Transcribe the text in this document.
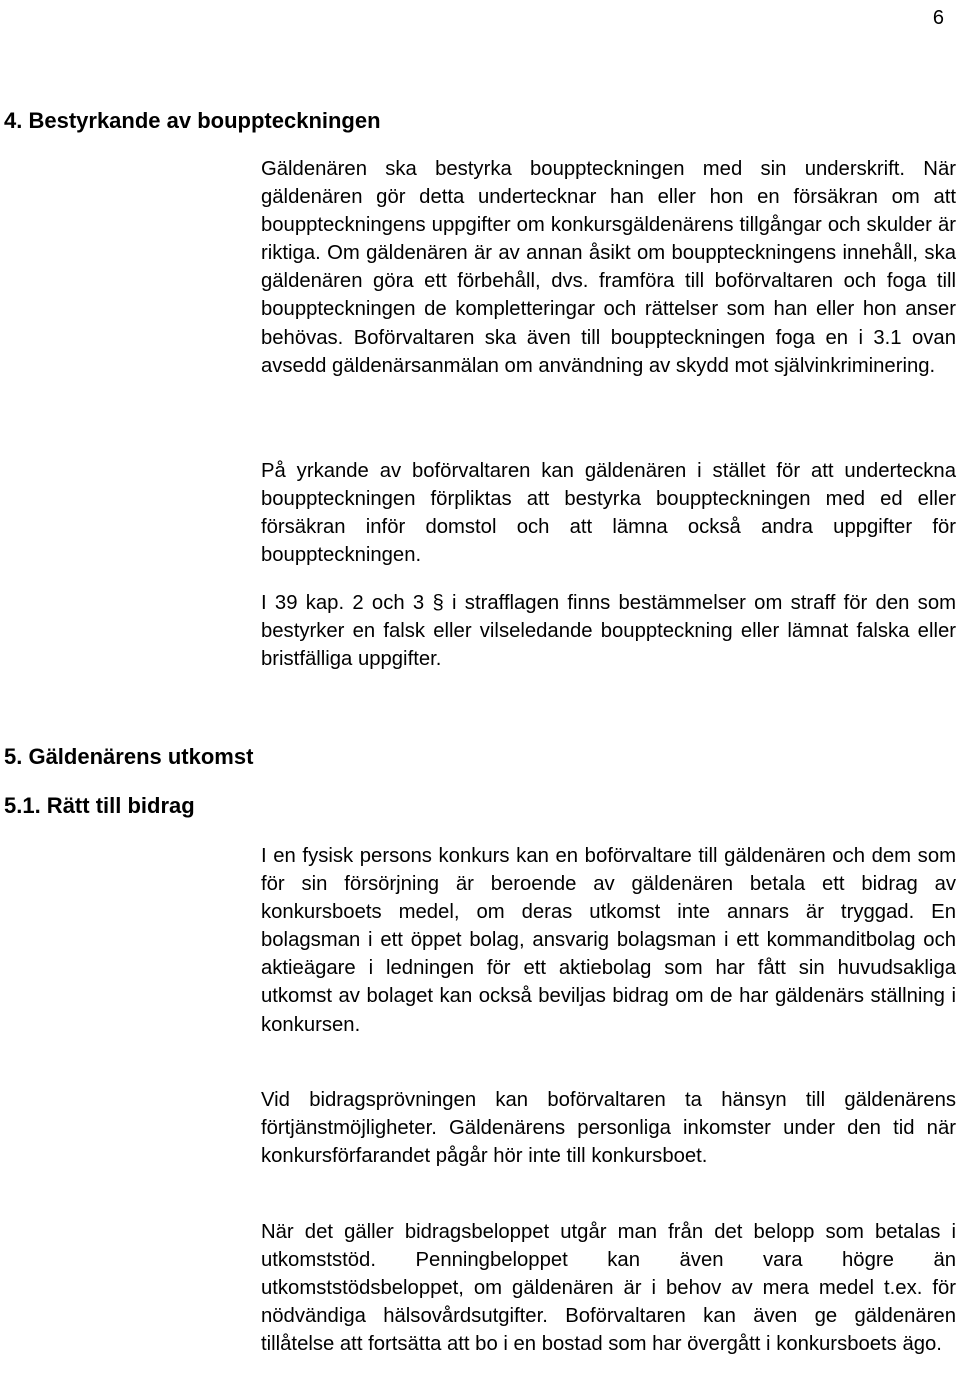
6
4. Bestyrkande av bouppteckningen

Gäldenären ska bestyrka bouppteckningen med sin underskrift. När gäldenären gör detta undertecknar han eller hon en försäkran om att bouppteckningens uppgifter om konkursgäldenärens tillgångar och skulder är riktiga. Om gäldenären är av annan åsikt om bouppteckningens innehåll, ska gäldenären göra ett förbehåll, dvs. framföra till boförvaltaren och foga till bouppteckningen de kompletteringar och rättelser som han eller hon anser behövas. Boförvaltaren ska även till bouppteckningen foga en i 3.1 ovan avsedd gäldenärsanmälan om användning av skydd mot självinkriminering.

På yrkande av boförvaltaren kan gäldenären i stället för att underteckna bouppteckningen förpliktas att bestyrka bouppteckningen med ed eller försäkran inför domstol och att lämna också andra uppgifter för bouppteckningen.

I 39 kap. 2 och 3 § i strafflagen finns bestämmelser om straff för den som bestyrker en falsk eller vilseledande bouppteckning eller lämnat falska eller bristfälliga uppgifter.

5. Gäldenärens utkomst
5.1. Rätt till bidrag

I en fysisk persons konkurs kan en boförvaltare till gäldenären och dem som för sin försörjning är beroende av gäldenären betala ett bidrag av konkursboets medel, om deras utkomst inte annars är tryggad. En bolagsman i ett öppet bolag, ansvarig bolagsman i ett kommanditbolag och aktieägare i ledningen för ett aktiebolag som har fått sin huvudsakliga utkomst av bolaget kan också beviljas bidrag om de har gäldenärs ställning i konkursen.

Vid bidragsprövningen kan boförvaltaren ta hänsyn till gäldenärens förtjänstmöjligheter. Gäldenärens personliga inkomster under den tid när konkursförfarandet pågår hör inte till konkursboet.

När det gäller bidragsbeloppet utgår man från det belopp som betalas i utkomststöd. Penningbeloppet kan även vara högre än utkomststödsbeloppet, om gäldenären är i behov av mera medel t.ex. för nödvändiga hälsovårdsutgifter. Boförvaltaren kan även ge gäldenären tillåtelse att fortsätta att bo i en bostad som har övergått i konkursboets ägo.
